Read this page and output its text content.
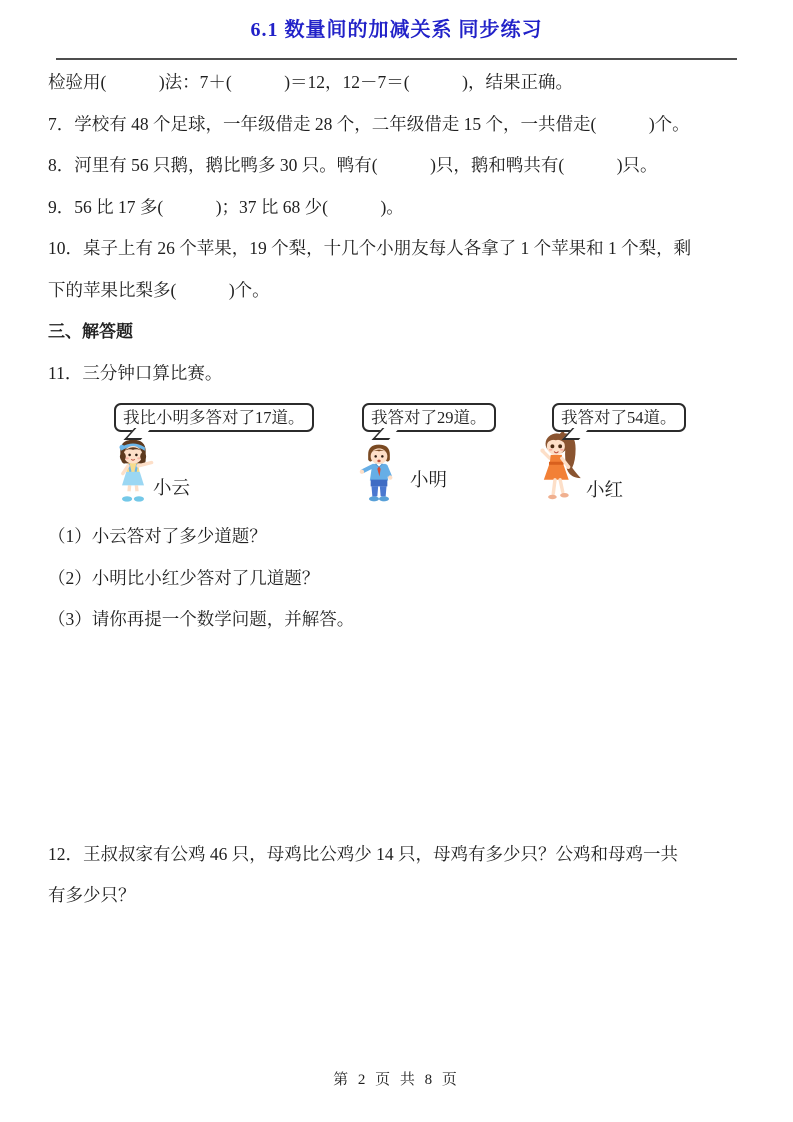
6.1 数量间的加减关系 同步练习

检验用(            )法：7＋(            )＝12，12－7＝(            )，结果正确。

7．学校有 48 个足球，一年级借走 28 个，二年级借走 15 个，一共借走(            )个。

8．河里有 56 只鹅，鹅比鸭多 30 只。鸭有(            )只，鹅和鸭共有(            )只。

9．56 比 17 多(            )；37 比 68 少(            )。

10．桌子上有 26 个苹果，19 个梨，十几个小朋友每人各拿了 1 个苹果和 1 个梨，剩

下的苹果比梨多(            )个。

三、解答题

11．三分钟口算比赛。

我比小明多答对了17道。
小云
我答对了29道。
小明
我答对了54道。
小红

（1）小云答对了多少道题？

（2）小明比小红少答对了几道题？

（3）请你再提一个数学问题，并解答。

12．王叔叔家有公鸡 46 只，母鸡比公鸡少 14 只，母鸡有多少只？公鸡和母鸡一共

有多少只？

第 2 页 共 8 页
